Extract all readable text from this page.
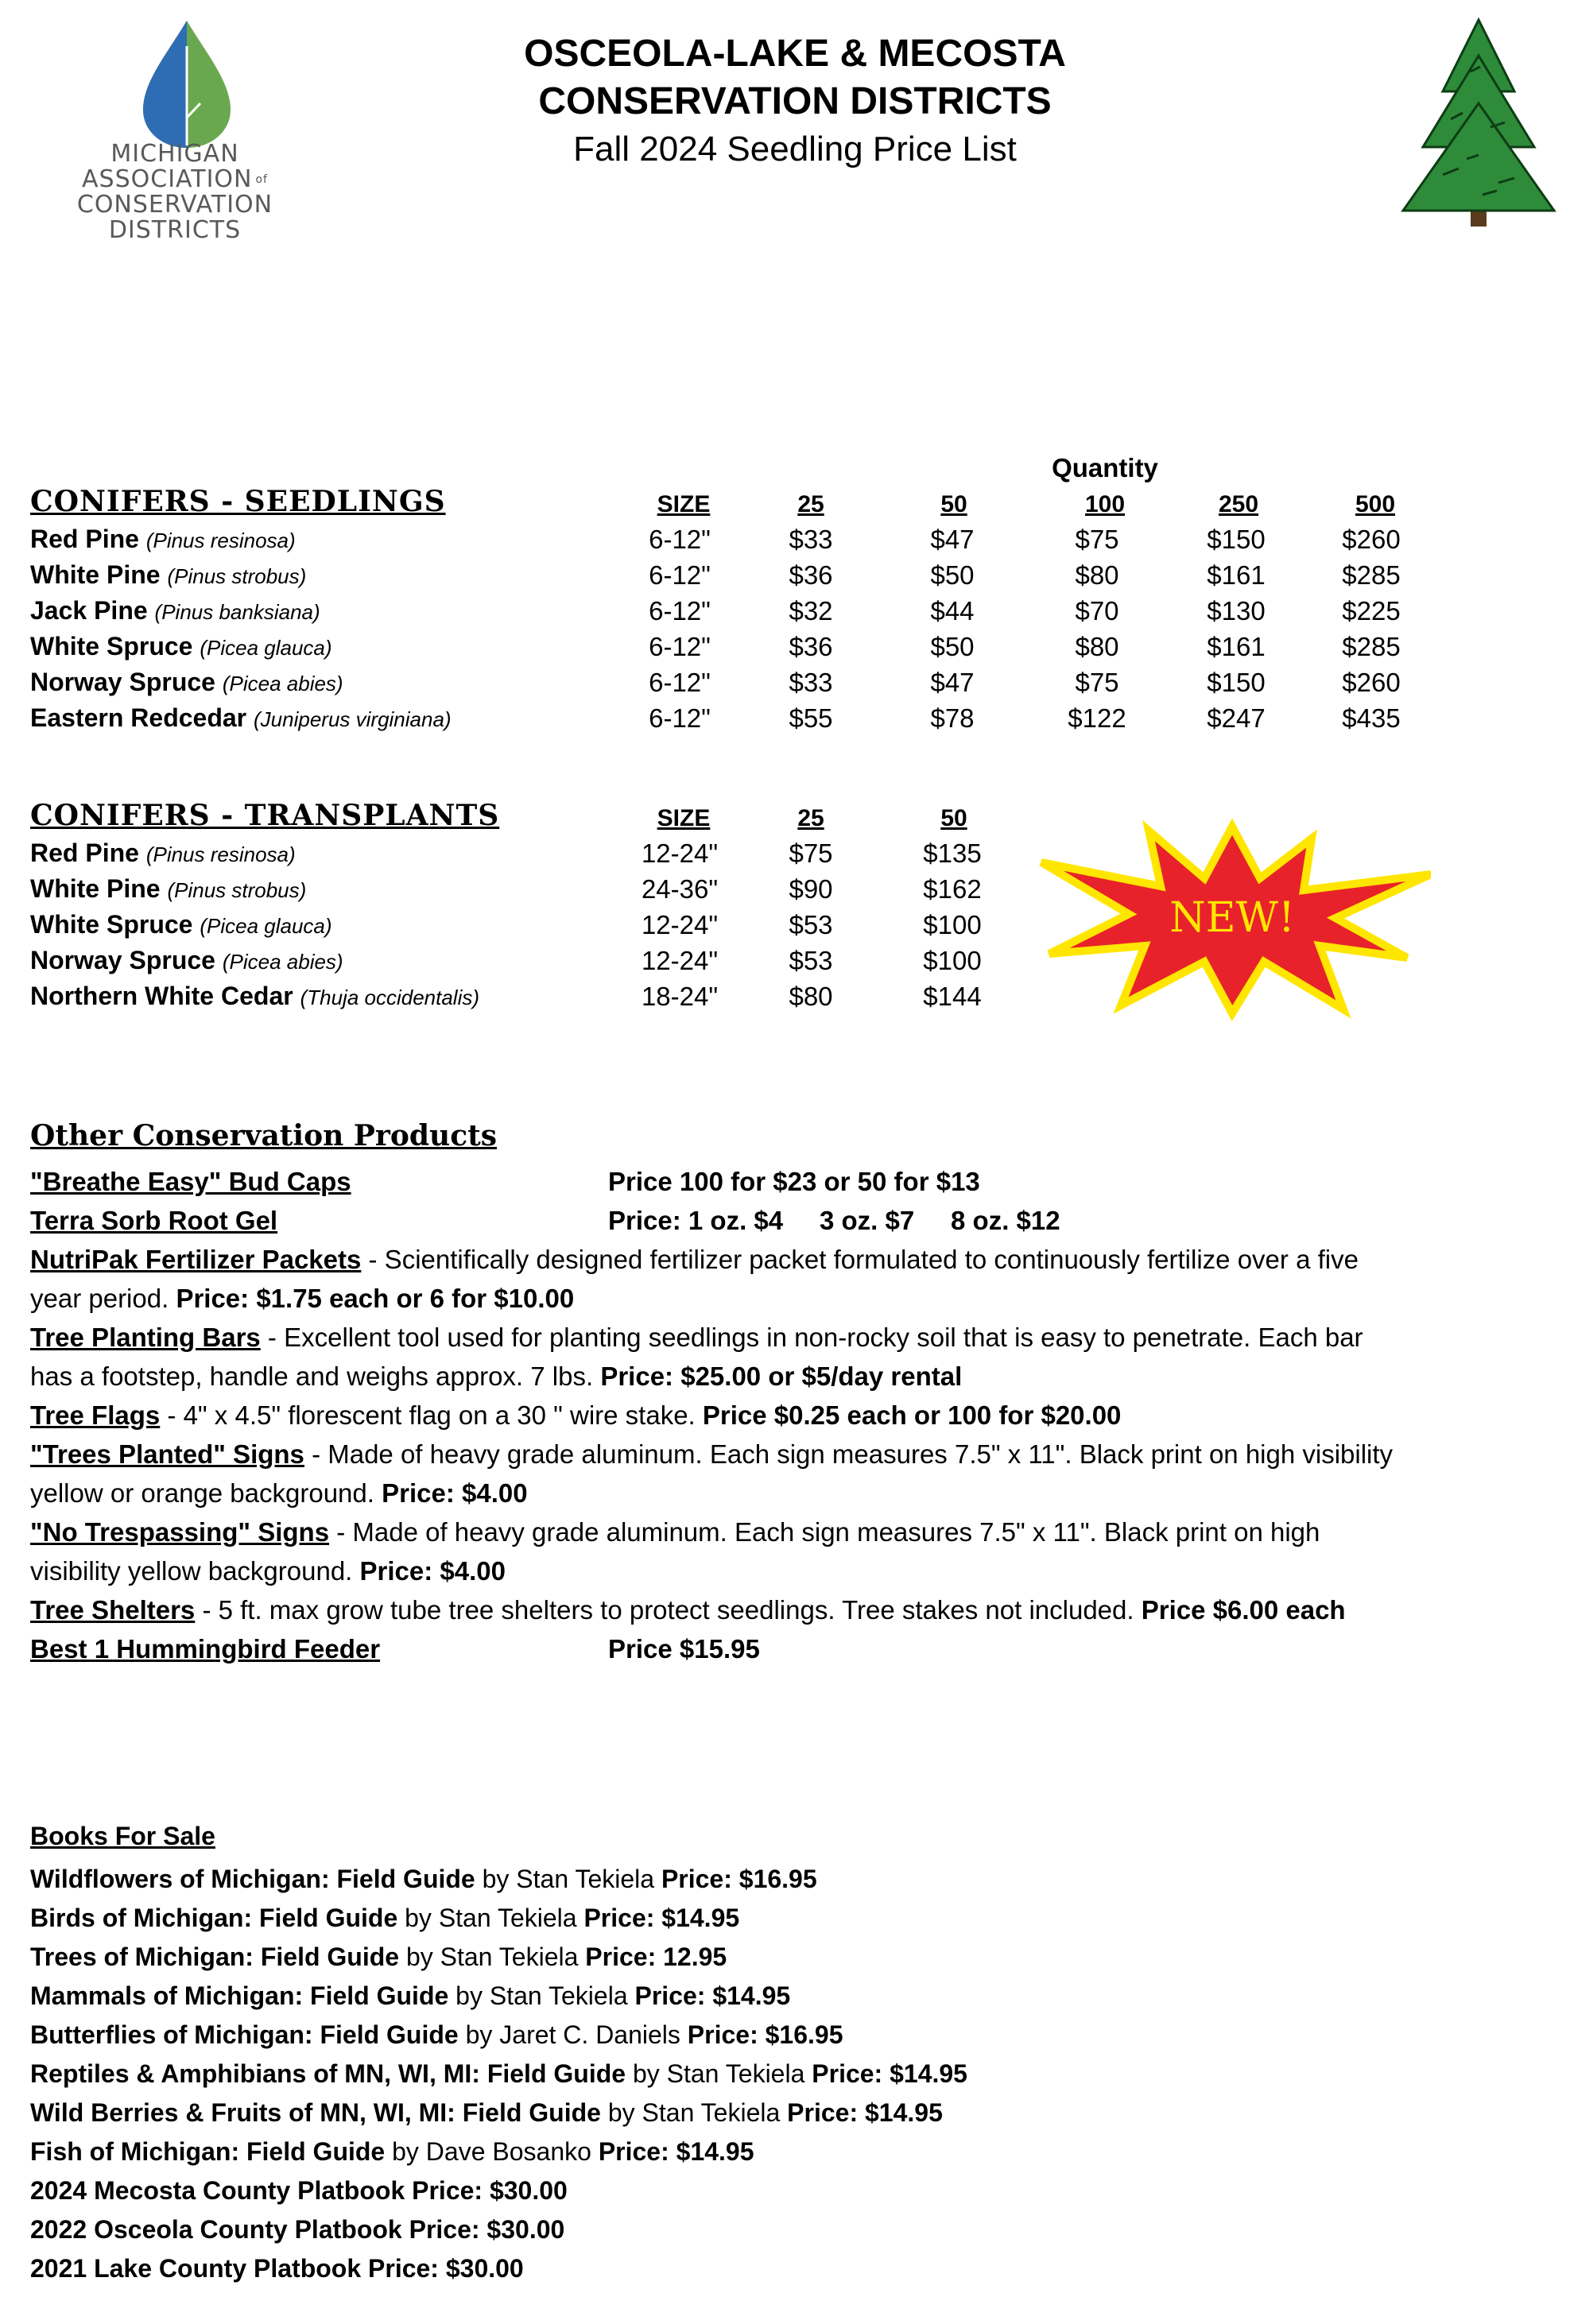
MICHIGAN
ASSOCIATION $^{of}$
CONSERVATION
DISTRICTS
OSCEOLA-LAKE & MECOSTA
CONSERVATION DISTRICTS
Fall 2024 Seedling Price List
Quantity
CONIFERS - SEEDLINGS	SIZE	25	50	100	250	500
Red Pine (Pinus resinosa)	6-12"	$33	$47	$75	$150	$260
White Pine (Pinus strobus)	6-12"	$36	$50	$80	$161	$285
Jack Pine (Pinus banksiana)	6-12"	$32	$44	$70	$130	$225
White Spruce (Picea glauca)	6-12"	$36	$50	$80	$161	$285
Norway Spruce (Picea abies)	6-12"	$33	$47	$75	$150	$260
Eastern Redcedar (Juniperus virginiana)	6-12"	$55	$78	$122	$247	$435
CONIFERS - TRANSPLANTS	SIZE	25	50
Red Pine (Pinus resinosa)	12-24"	$75	$135
White Pine (Pinus strobus)	24-36"	$90	$162
White Spruce (Picea glauca)	12-24"	$53	$100
Norway Spruce (Picea abies)	12-24"	$53	$100
Northern White Cedar (Thuja occidentalis)	18-24"	$80	$144
NEW!
Other Conservation Products
"Breathe Easy" Bud Caps	Price 100 for $23 or 50 for $13
Terra Sorb Root Gel	Price: 1 oz. $4     3 oz. $7     8 oz. $12
NutriPak Fertilizer Packets - Scientifically designed fertilizer packet formulated to continuously fertilize over a five
year period. Price: $1.75 each or 6 for $10.00
Tree Planting Bars - Excellent tool used for planting seedlings in non-rocky soil that is easy to penetrate. Each bar
has a footstep, handle and weighs approx. 7 lbs. Price: $25.00 or $5/day rental
Tree Flags - 4" x 4.5" florescent flag on a 30 " wire stake. Price $0.25 each or 100 for $20.00
"Trees Planted" Signs - Made of heavy grade aluminum. Each sign measures 7.5" x 11". Black print on high visibility
yellow or orange background. Price: $4.00
"No Trespassing" Signs - Made of heavy grade aluminum. Each sign measures 7.5" x 11". Black print on high
visibility yellow background. Price: $4.00
Tree Shelters - 5 ft. max grow tube tree shelters to protect seedlings. Tree stakes not included. Price $6.00 each
Best 1 Hummingbird Feeder	Price $15.95
Books For Sale
Wildflowers of Michigan: Field Guide by Stan Tekiela Price: $16.95
Birds of Michigan: Field Guide by Stan Tekiela Price: $14.95
Trees of Michigan: Field Guide by Stan Tekiela Price: 12.95
Mammals of Michigan: Field Guide by Stan Tekiela Price: $14.95
Butterflies of Michigan: Field Guide by Jaret C. Daniels Price: $16.95
Reptiles & Amphibians of MN, WI, MI: Field Guide by Stan Tekiela Price: $14.95
Wild Berries & Fruits of MN, WI, MI: Field Guide by Stan Tekiela Price: $14.95
Fish of Michigan: Field Guide by Dave Bosanko Price: $14.95
2024 Mecosta County Platbook Price: $30.00
2022 Osceola County Platbook Price: $30.00
2021 Lake County Platbook Price: $30.00
